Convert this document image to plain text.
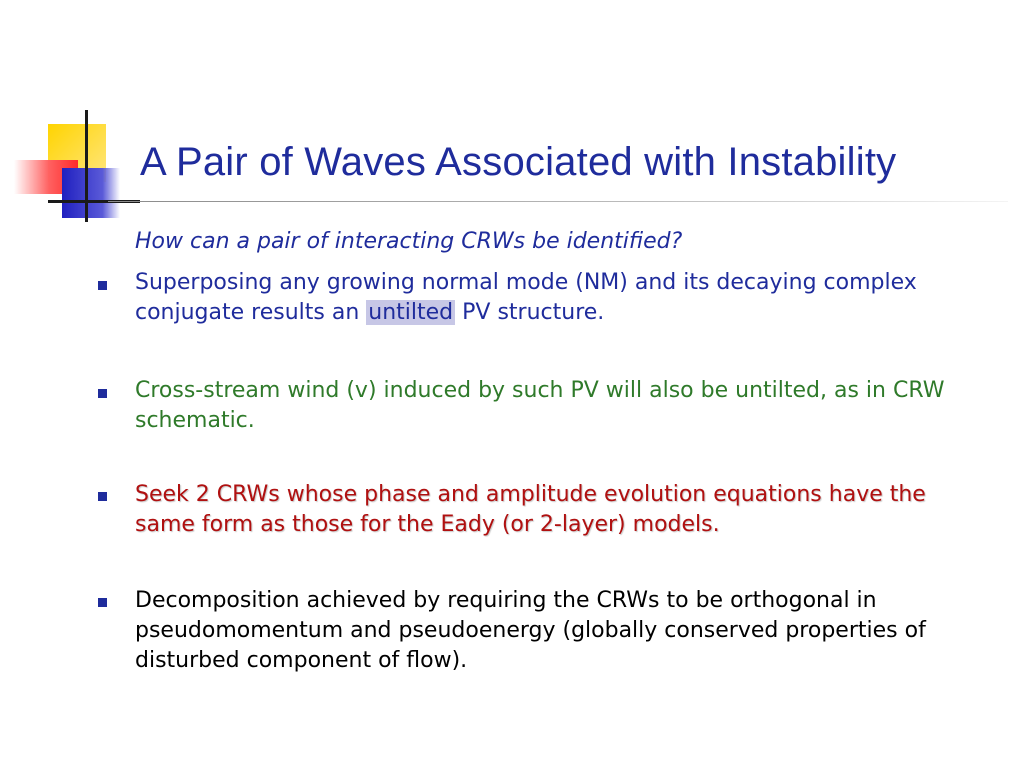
A Pair of Waves Associated with Instability
How can a pair of interacting CRWs be identified?
Superposing any growing normal mode (NM) and its decaying complex conjugate results an untilted PV structure.
Cross-stream wind (v) induced by such PV will also be untilted, as in CRW schematic.
Seek 2 CRWs whose phase and amplitude evolution equations have the same form as those for the Eady (or 2-layer) models.
Decomposition achieved by requiring the CRWs to be orthogonal in pseudomomentum and pseudoenergy (globally conserved properties of disturbed component of flow).
